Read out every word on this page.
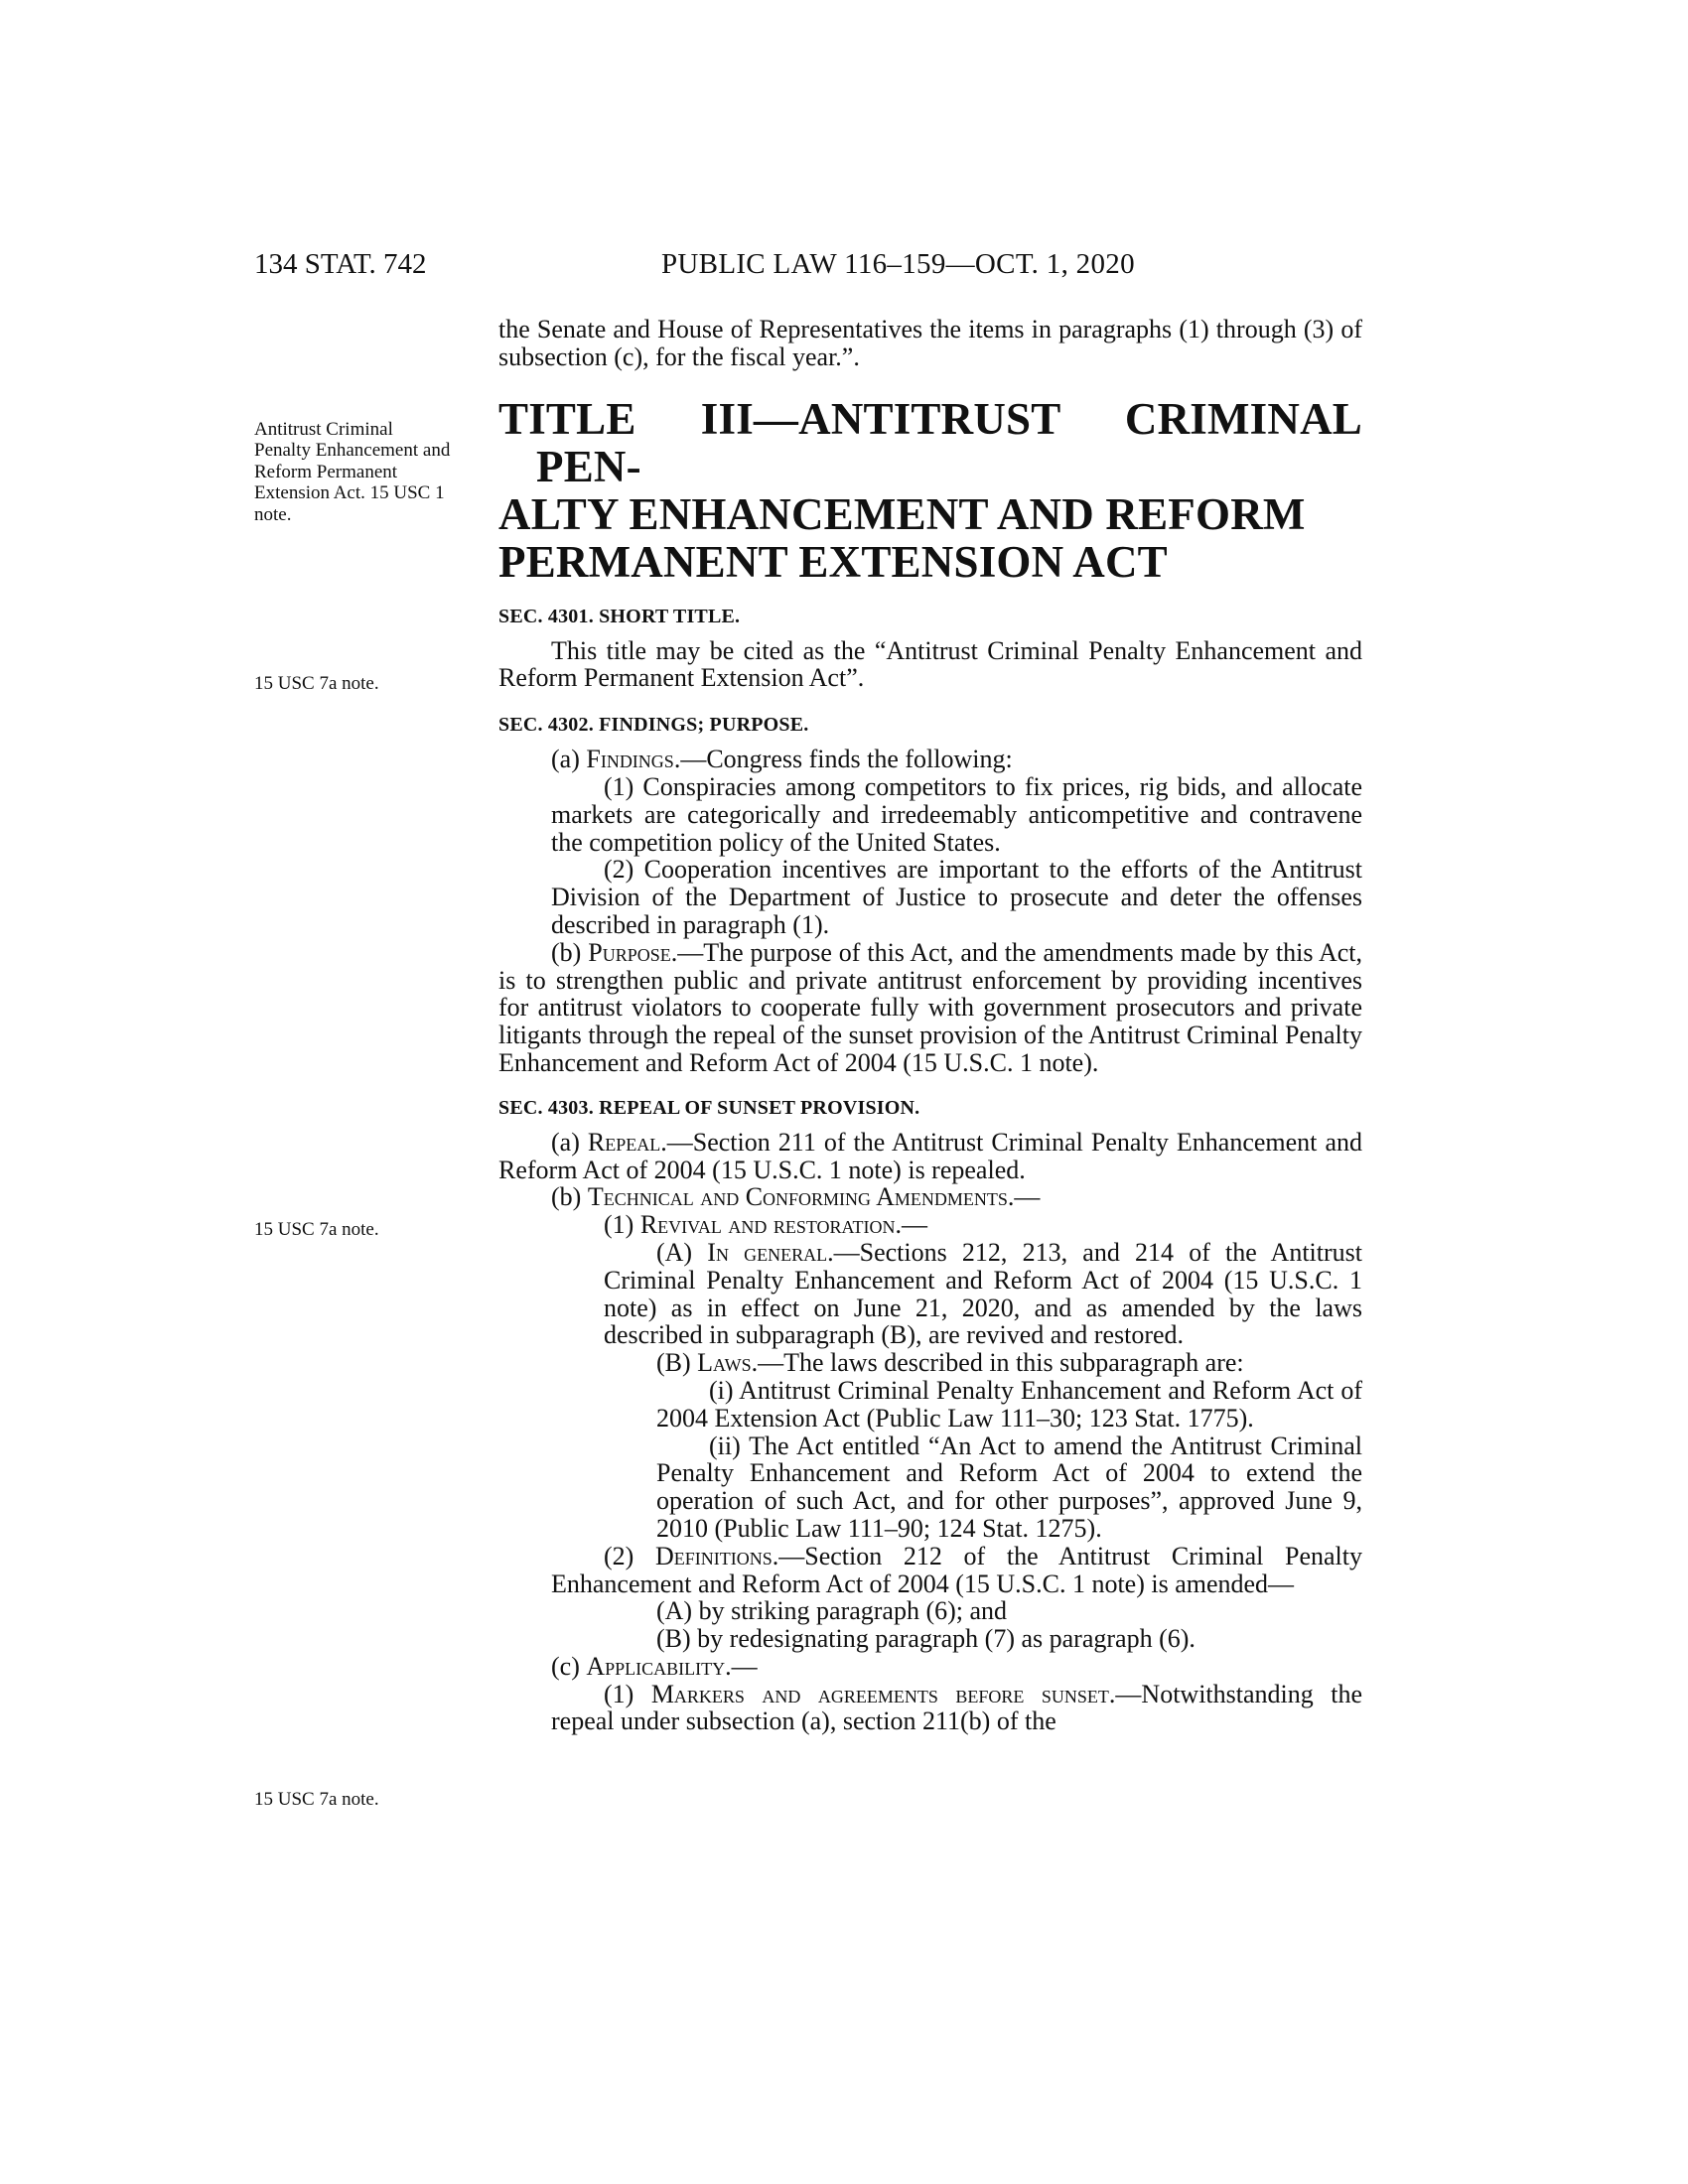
134 STAT. 742	PUBLIC LAW 116–159—OCT. 1, 2020
Antitrust Criminal Penalty Enhancement and Reform Permanent Extension Act. 15 USC 1 note.
15 USC 7a note.
15 USC 7a note.
15 USC 7a note.

the Senate and House of Representatives the items in paragraphs (1) through (3) of subsection (c), for the fiscal year.”.

TITLE III—ANTITRUST CRIMINAL PEN-
ALTY ENHANCEMENT AND REFORM
PERMANENT EXTENSION ACT
SEC. 4301. SHORT TITLE.

This title may be cited as the “Antitrust Criminal Penalty Enhancement and Reform Permanent Extension Act”.

SEC. 4302. FINDINGS; PURPOSE.

(a) Findings.—Congress finds the following:

(1) Conspiracies among competitors to fix prices, rig bids, and allocate markets are categorically and irredeemably anticompetitive and contravene the competition policy of the United States.

(2) Cooperation incentives are important to the efforts of the Antitrust Division of the Department of Justice to prosecute and deter the offenses described in paragraph (1).

(b) Purpose.—The purpose of this Act, and the amendments made by this Act, is to strengthen public and private antitrust enforcement by providing incentives for antitrust violators to cooperate fully with government prosecutors and private litigants through the repeal of the sunset provision of the Antitrust Criminal Penalty Enhancement and Reform Act of 2004 (15 U.S.C. 1 note).

SEC. 4303. REPEAL OF SUNSET PROVISION.

(a) Repeal.—Section 211 of the Antitrust Criminal Penalty Enhancement and Reform Act of 2004 (15 U.S.C. 1 note) is repealed.

(b) Technical and Conforming Amendments.—

(1) Revival and restoration.—

(A) In general.—Sections 212, 213, and 214 of the Antitrust Criminal Penalty Enhancement and Reform Act of 2004 (15 U.S.C. 1 note) as in effect on June 21, 2020, and as amended by the laws described in subparagraph (B), are revived and restored.

(B) Laws.—The laws described in this subparagraph are:

(i) Antitrust Criminal Penalty Enhancement and Reform Act of 2004 Extension Act (Public Law 111–30; 123 Stat. 1775).

(ii) The Act entitled “An Act to amend the Antitrust Criminal Penalty Enhancement and Reform Act of 2004 to extend the operation of such Act, and for other purposes”, approved June 9, 2010 (Public Law 111–90; 124 Stat. 1275).

(2) Definitions.—Section 212 of the Antitrust Criminal Penalty Enhancement and Reform Act of 2004 (15 U.S.C. 1 note) is amended—

(A) by striking paragraph (6); and

(B) by redesignating paragraph (7) as paragraph (6).

(c) Applicability.—

(1) Markers and agreements before sunset.—Notwithstanding the repeal under subsection (a), section 211(b) of the
